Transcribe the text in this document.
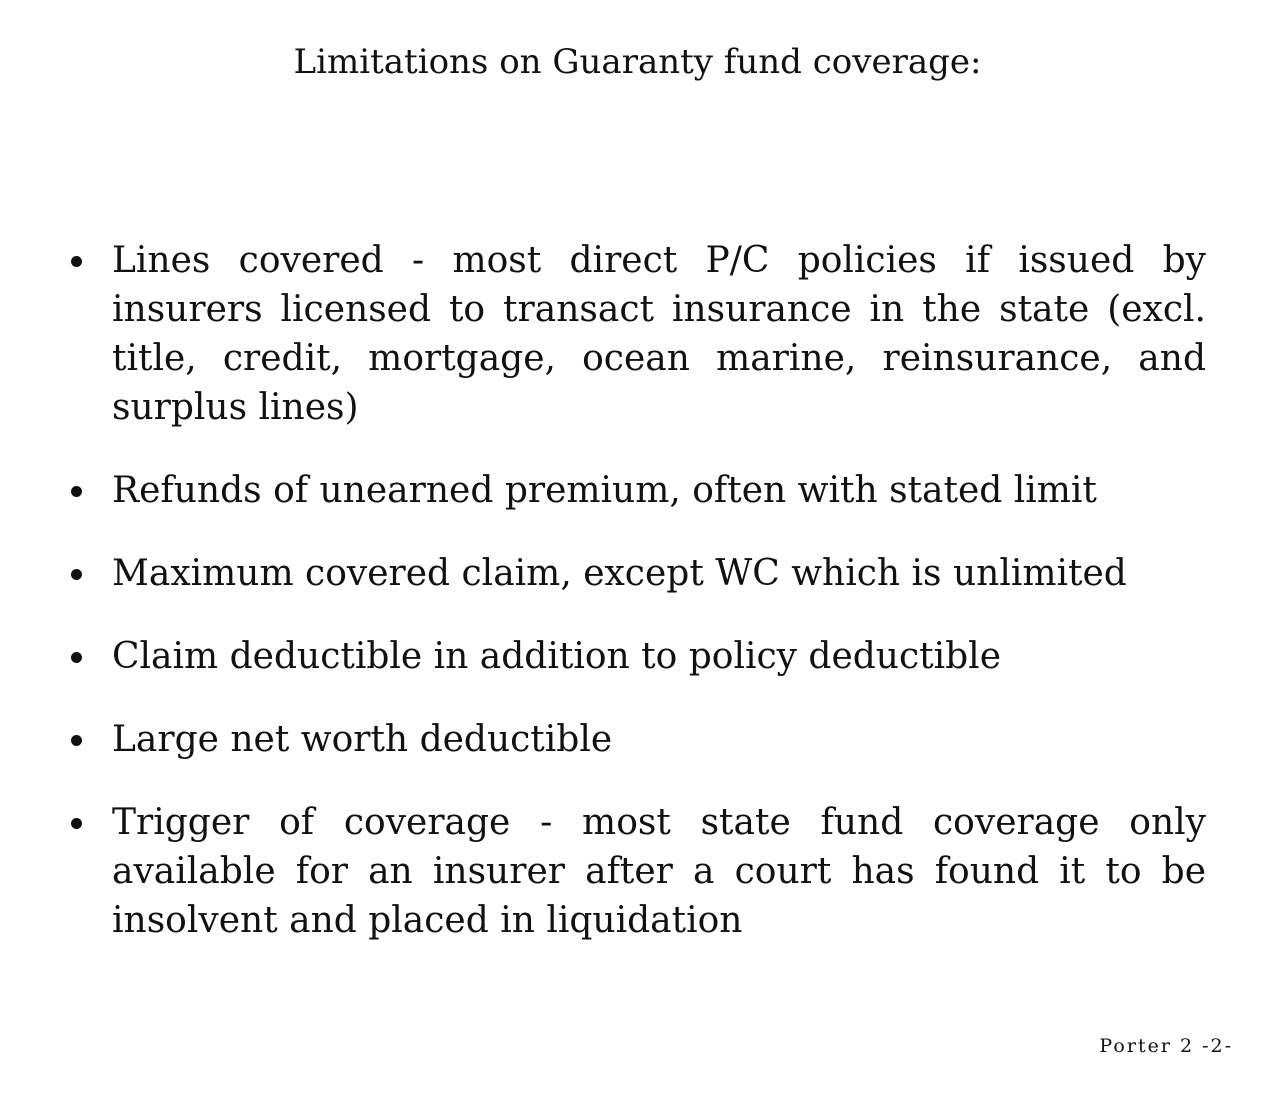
Limitations on Guaranty fund coverage:
Lines covered - most direct P/C policies if issued by insurers licensed to transact insurance in the state (excl. title, credit, mortgage, ocean marine, reinsurance, and surplus lines)
Refunds of unearned premium, often with stated limit
Maximum covered claim, except WC which is unlimited
Claim deductible in addition to policy deductible
Large net worth deductible
Trigger of coverage - most state fund coverage only available for an insurer after a court has found it to be insolvent and placed in liquidation
Porter 2 -2-
